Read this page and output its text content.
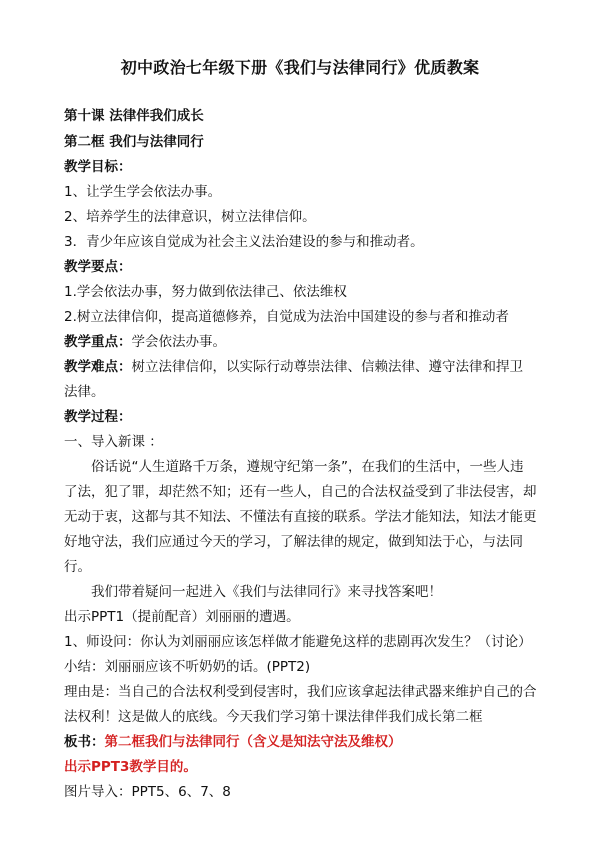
初中政治七年级下册《我们与法律同行》优质教案
第十课 法律伴我们成长
第二框 我们与法律同行
教学目标：
1、让学生学会依法办事。
2、培养学生的法律意识，树立法律信仰。
3．青少年应该自觉成为社会主义法治建设的参与和推动者。
教学要点：
1.学会依法办事，努力做到依法律己、依法维权
2.树立法律信仰，提高道德修养，自觉成为法治中国建设的参与者和推动者
教学重点：学会依法办事。
教学难点：树立法律信仰，以实际行动尊崇法律、信赖法律、遵守法律和捍卫
法律。
教学过程：
一、导入新课 ：
俗话说“人生道路千万条，遵规守纪第一条”，在我们的生活中，一些人违
了法，犯了罪，却茫然不知；还有一些人，自己的合法权益受到了非法侵害，却
无动于衷，这都与其不知法、不懂法有直接的联系。学法才能知法，知法才能更
好地守法，我们应通过今天的学习，了解法律的规定，做到知法于心，与法同
行。
我们带着疑问一起进入《我们与法律同行》来寻找答案吧！
出示PPT1（提前配音）刘丽丽的遭遇。
1、师设问：你认为刘丽丽应该怎样做才能避免这样的悲剧再次发生？（讨论）
小结：刘丽丽应该不听奶奶的话。(PPT2)
理由是：当自己的合法权利受到侵害时，我们应该拿起法律武器来维护自己的合
法权利！这是做人的底线。今天我们学习第十课法律伴我们成长第二框
板书：第二框我们与法律同行（含义是知法守法及维权）
出示PPT3教学目的。
图片导入：PPT5、6、7、8
